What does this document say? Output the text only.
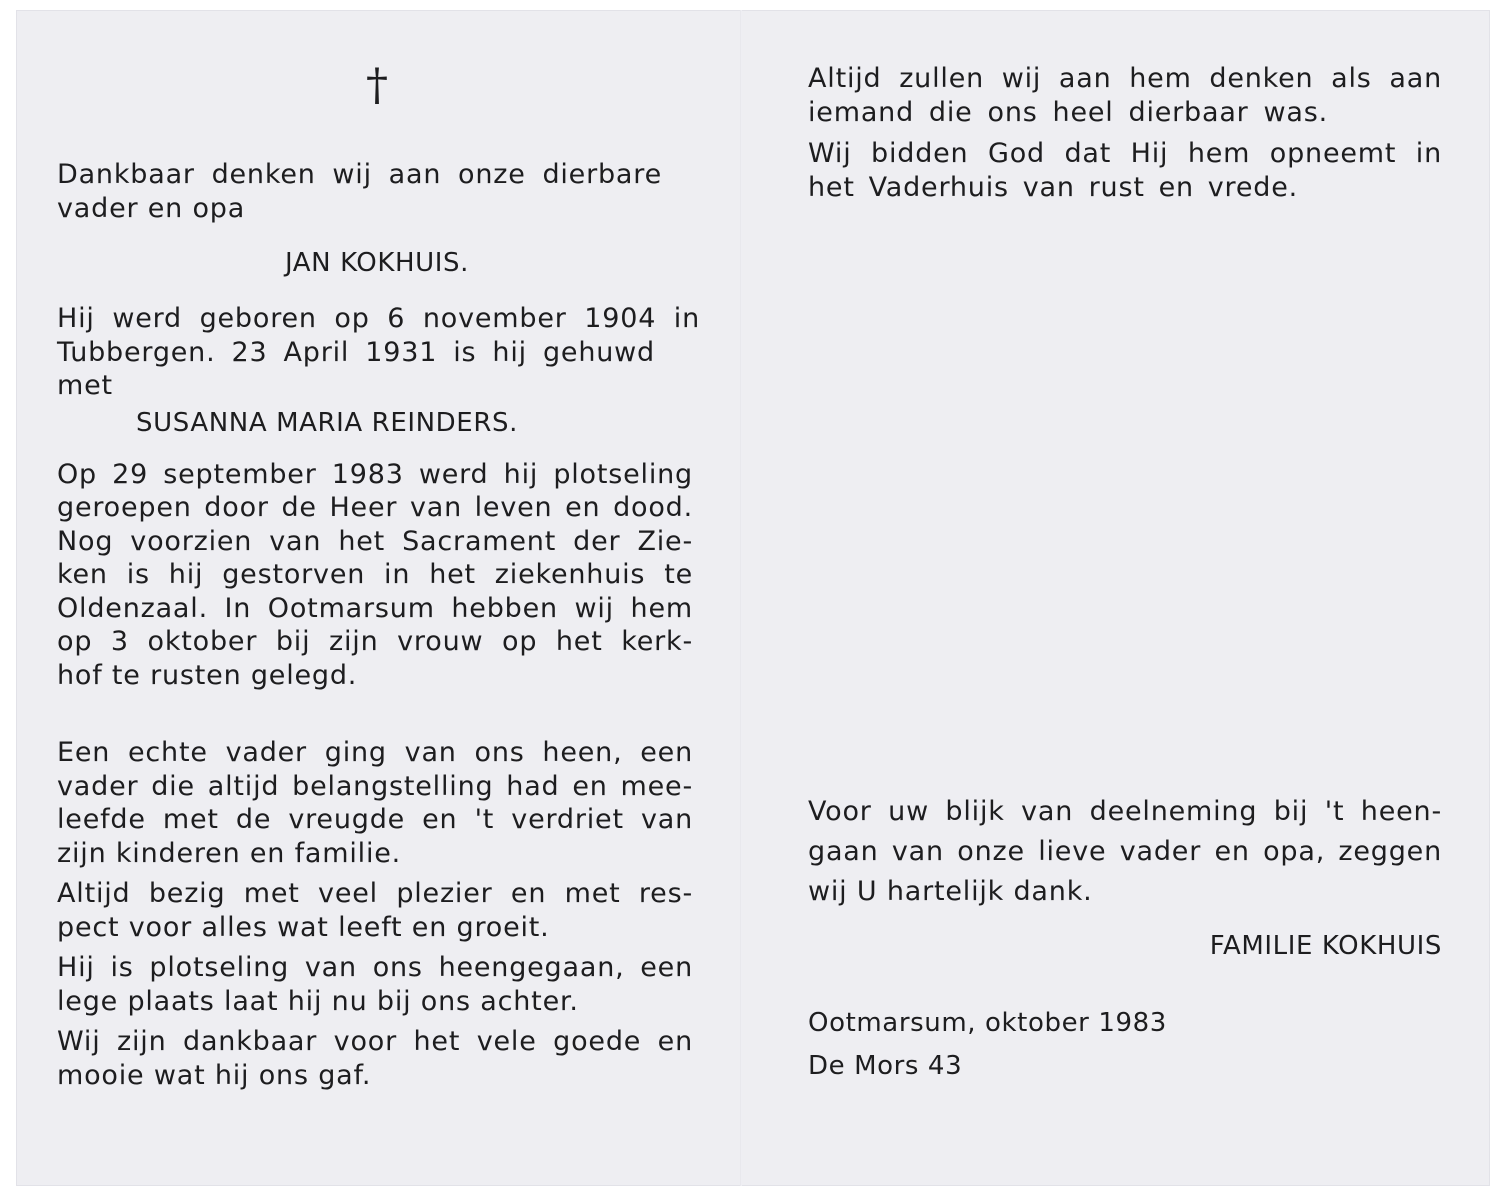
†
Dankbaar denken wij aan onze dierbare
vader en opa
JAN KOKHUIS.
Hij werd geboren op 6 november 1904 in
Tubbergen. 23 April 1931 is hij gehuwd
met
SUSANNA MARIA REINDERS.
Op 29 september 1983 werd hij plotseling
geroepen door de Heer van leven en dood.
Nog voorzien van het Sacrament der Zie-
ken is hij gestorven in het ziekenhuis te
Oldenzaal. In Ootmarsum hebben wij hem
op 3 oktober bij zijn vrouw op het kerk-
hof te rusten gelegd.
Een echte vader ging van ons heen, een
vader die altijd belangstelling had en mee-
leefde met de vreugde en 't verdriet van
zijn kinderen en familie.
Altijd bezig met veel plezier en met res-
pect voor alles wat leeft en groeit.
Hij is plotseling van ons heengegaan, een
lege plaats laat hij nu bij ons achter.
Wij zijn dankbaar voor het vele goede en
mooie wat hij ons gaf.
Altijd zullen wij aan hem denken als aan
iemand die ons heel dierbaar was.
Wij bidden God dat Hij hem opneemt in
het Vaderhuis van rust en vrede.
Voor uw blijk van deelneming bij 't heen-
gaan van onze lieve vader en opa, zeggen
wij U hartelijk dank.
FAMILIE KOKHUIS
Ootmarsum, oktober 1983
De Mors 43
